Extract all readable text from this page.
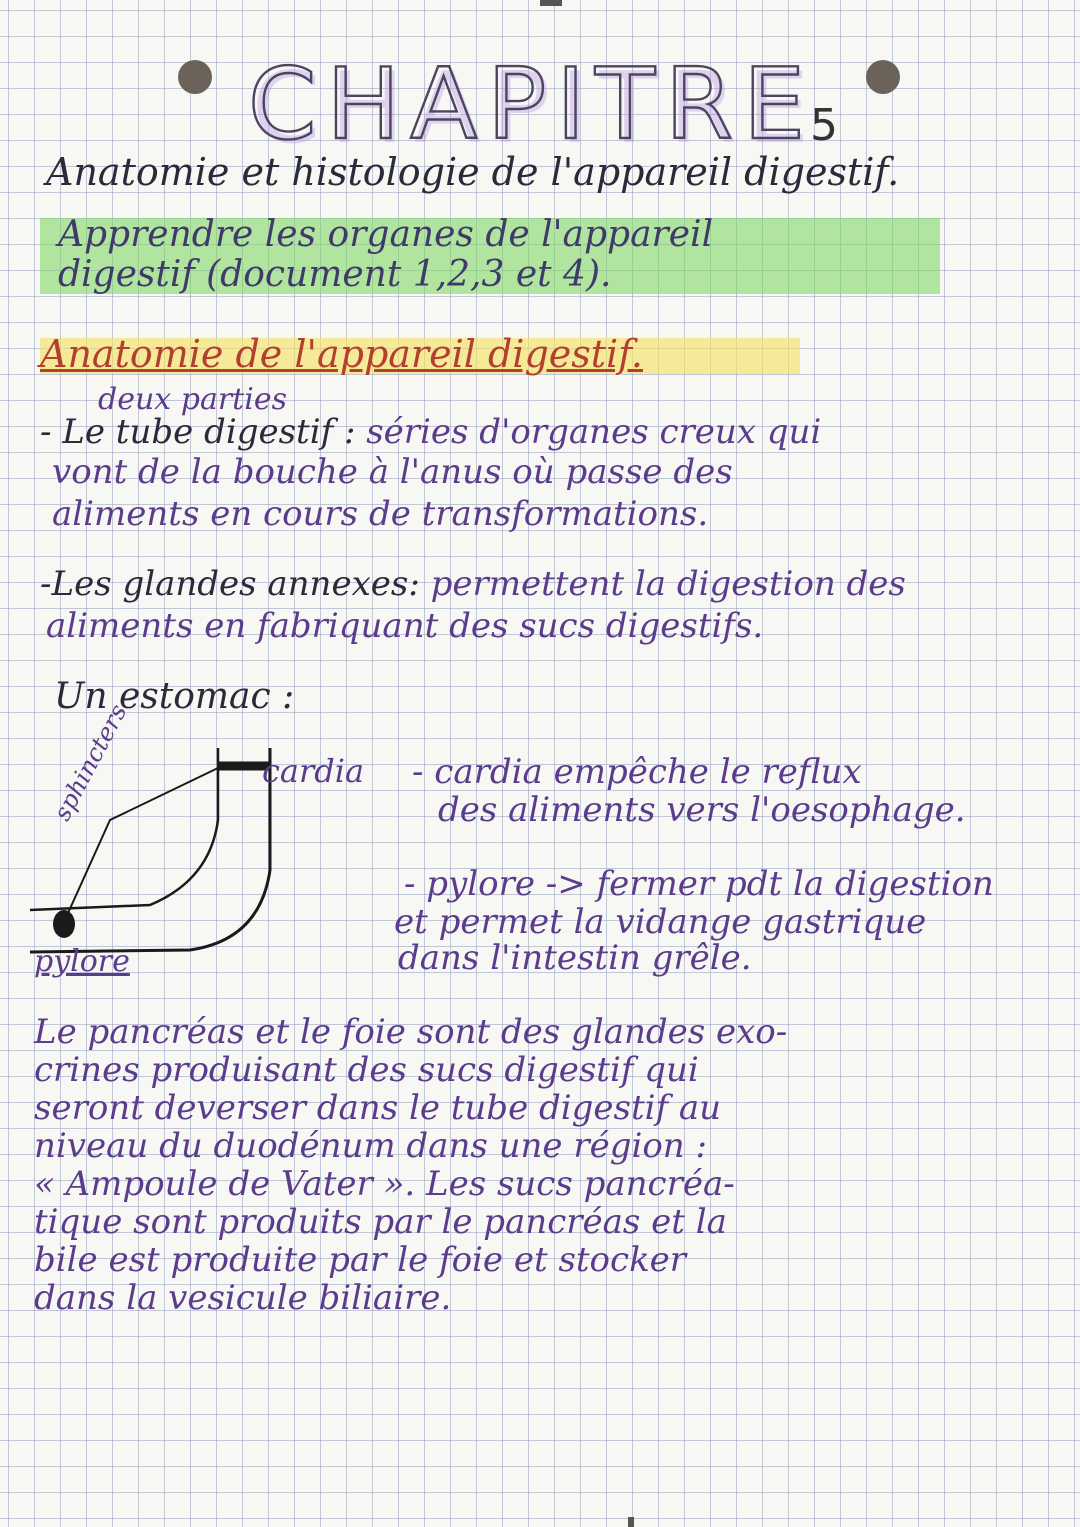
CHAPITRE
5
Anatomie et histologie de l'appareil digestif.
Apprendre les organes de l'appareil
digestif (document 1,2,3 et 4).
Anatomie de l'appareil digestif.
deux parties
- Le tube digestif : séries d'organes creux qui
vont de la bouche à l'anus où passe des
aliments en cours de transformations.
-Les glandes annexes: permettent la digestion des
aliments en fabriquant des sucs digestifs.
Un estomac :
sphincters	cardia
pylore
- cardia empêche le reflux
des aliments vers l'oesophage.
- pylore -> fermer pdt la digestion
et permet la vidange gastrique
dans l'intestin grêle.
Le pancréas et le foie sont des glandes exo-
crines produisant des sucs digestif qui
seront deverser dans le tube digestif au
niveau du duodénum dans une région :
« Ampoule de Vater ». Les sucs pancréa-
tique sont produits par le pancréas et la
bile est produite par le foie et stocker
dans la vesicule biliaire.
